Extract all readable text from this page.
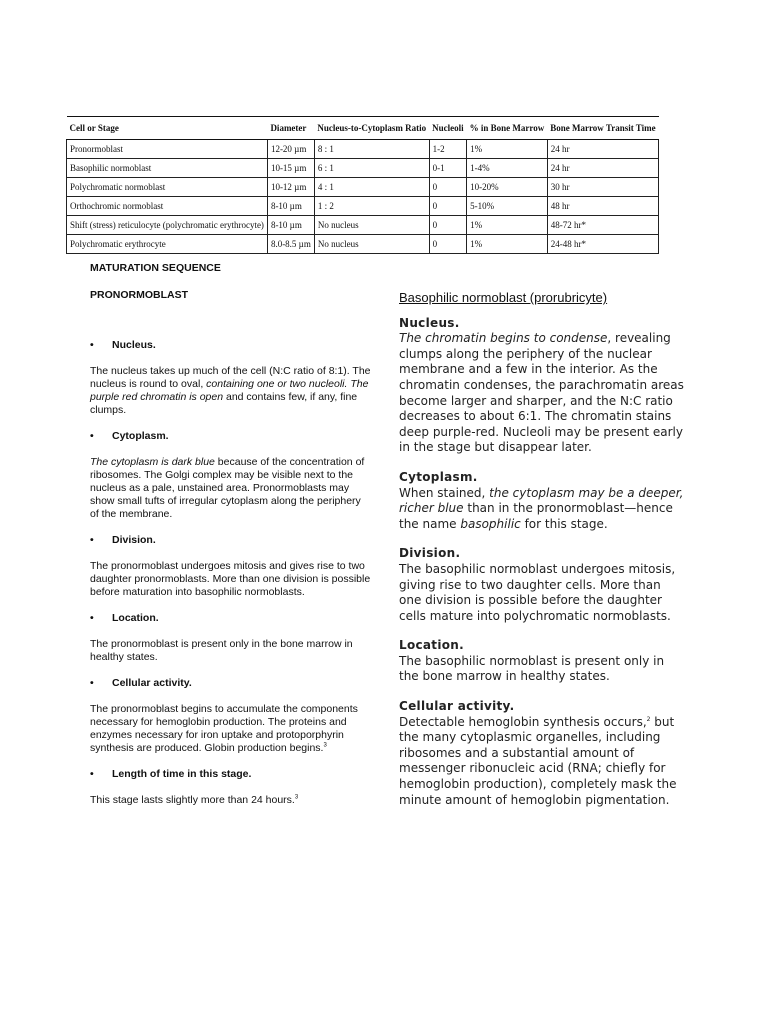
Cell or Stage	Diameter	Nucleus-to-Cytoplasm Ratio	Nucleoli	% in Bone Marrow	Bone Marrow Transit Time
Pronormoblast	12-20 µm	8 : 1	1-2	1%	24 hr
Basophilic normoblast	10-15 µm	6 : 1	0-1	1-4%	24 hr
Polychromatic normoblast	10-12 µm	4 : 1	0	10-20%	30 hr
Orthochromic normoblast	8-10 µm	1 : 2	0	5-10%	48 hr
Shift (stress) reticulocyte (polychromatic erythrocyte)	8-10 µm	No nucleus	0	1%	48-72 hr*
Polychromatic erythrocyte	8.0-8.5 µm	No nucleus	0	1%	24-48 hr*

MATURATION SEQUENCE

PRONORMOBLAST

• Nucleus.

The nucleus takes up much of the cell (N:C ratio of 8:1). The nucleus is round to oval, containing one or two nucleoli. The purple red chromatin is open and contains few, if any, fine clumps.

• Cytoplasm.

The cytoplasm is dark blue because of the concentration of ribosomes. The Golgi complex may be visible next to the nucleus as a pale, unstained area. Pronormoblasts may show small tufts of irregular cytoplasm along the periphery of the membrane.

• Division.

The pronormoblast undergoes mitosis and gives rise to two daughter pronormoblasts. More than one division is possible before maturation into basophilic normoblasts.

• Location.

The pronormoblast is present only in the bone marrow in healthy states.

• Cellular activity.

The pronormoblast begins to accumulate the components necessary for hemoglobin production. The proteins and enzymes necessary for iron uptake and protoporphyrin synthesis are produced. Globin production begins.$^3$

• Length of time in this stage.

This stage lasts slightly more than 24 hours.$^3$

Basophilic normoblast (prorubricyte)

Nucleus.

The chromatin begins to condense, revealing clumps along the periphery of the nuclear membrane and a few in the interior. As the chromatin condenses, the parachromatin areas become larger and sharper, and the N:C ratio decreases to about 6:1. The chromatin stains deep purple-red. Nucleoli may be present early in the stage but disappear later.

Cytoplasm.

When stained, the cytoplasm may be a deeper, richer blue than in the pronormoblast—hence the name basophilic for this stage.

Division.

The basophilic normoblast undergoes mitosis, giving rise to two daughter cells. More than one division is possible before the daughter cells mature into polychromatic normoblasts.

Location.

The basophilic normoblast is present only in the bone marrow in healthy states.

Cellular activity.

Detectable hemoglobin synthesis occurs,$^2$ but the many cytoplasmic organelles, including ribosomes and a substantial amount of messenger ribonucleic acid (RNA; chiefly for hemoglobin production), completely mask the minute amount of hemoglobin pigmentation.
